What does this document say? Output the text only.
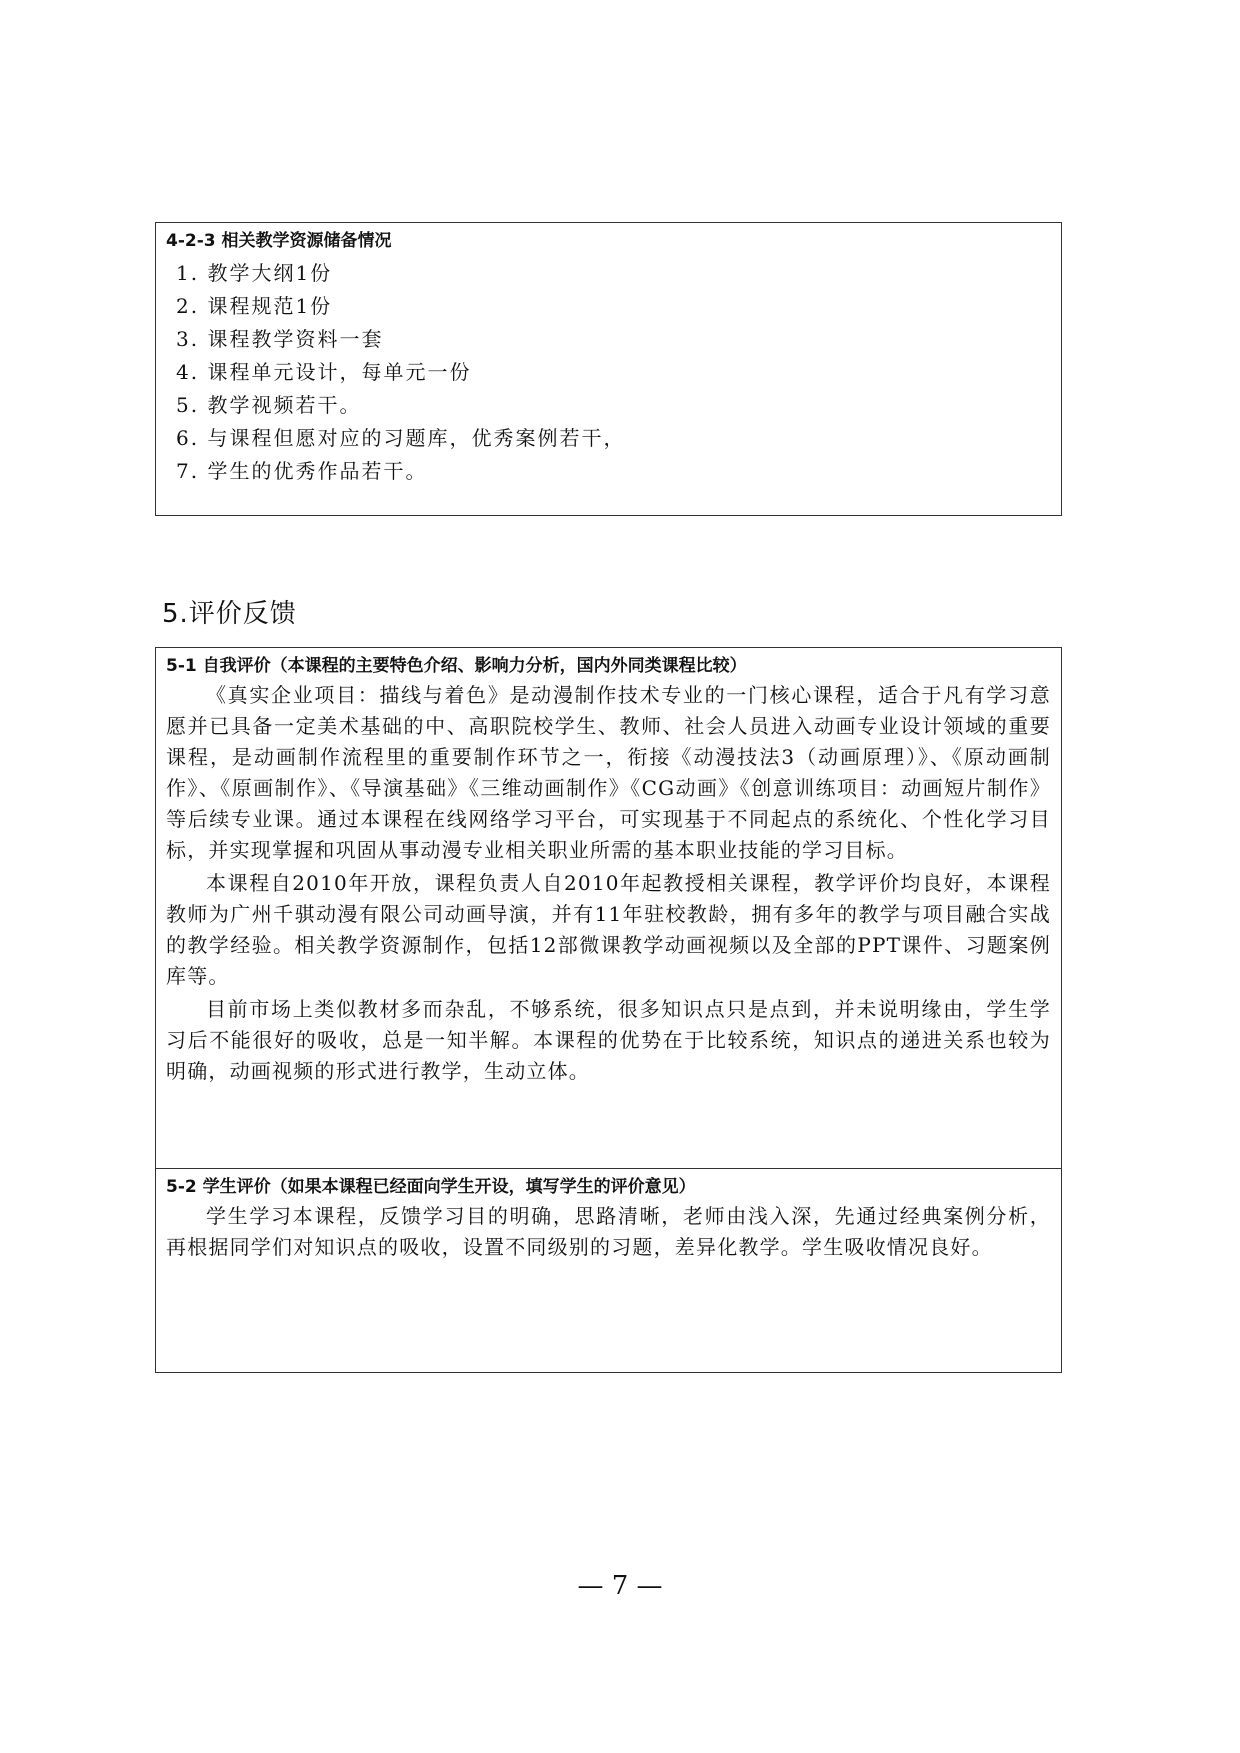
4-2-3 相关教学资源储备情况
1. 教学大纲1份
2. 课程规范1份
3. 课程教学资料一套
4. 课程单元设计，每单元一份
5. 教学视频若干。
6. 与课程但愿对应的习题库，优秀案例若干，
7. 学生的优秀作品若干。
5.评价反馈
5-1 自我评价（本课程的主要特色介绍、影响力分析，国内外同类课程比较）

《真实企业项目：描线与着色》是动漫制作技术专业的一门核心课程，适合于凡有学习意愿并已具备一定美术基础的中、高职院校学生、教师、社会人员进入动画专业设计领域的重要课程，是动画制作流程里的重要制作环节之一，衔接《动漫技法3（动画原理）》、《原动画制作》、《原画制作》、《导演基础》《三维动画制作》《CG动画》《创意训练项目：动画短片制作》等后续专业课。通过本课程在线网络学习平台，可实现基于不同起点的系统化、个性化学习目标，并实现掌握和巩固从事动漫专业相关职业所需的基本职业技能的学习目标。

本课程自2010年开放，课程负责人自2010年起教授相关课程，教学评价均良好，本课程教师为广州千骐动漫有限公司动画导演，并有11年驻校教龄，拥有多年的教学与项目融合实战的教学经验。相关教学资源制作，包括12部微课教学动画视频以及全部的PPT课件、习题案例库等。

目前市场上类似教材多而杂乱，不够系统，很多知识点只是点到，并未说明缘由，学生学习后不能很好的吸收，总是一知半解。本课程的优势在于比较系统，知识点的递进关系也较为明确，动画视频的形式进行教学，生动立体。

5-2 学生评价（如果本课程已经面向学生开设，填写学生的评价意见）

学生学习本课程，反馈学习目的明确，思路清晰，老师由浅入深，先通过经典案例分析，再根据同学们对知识点的吸收，设置不同级别的习题，差异化教学。学生吸收情况良好。

— 7 —
